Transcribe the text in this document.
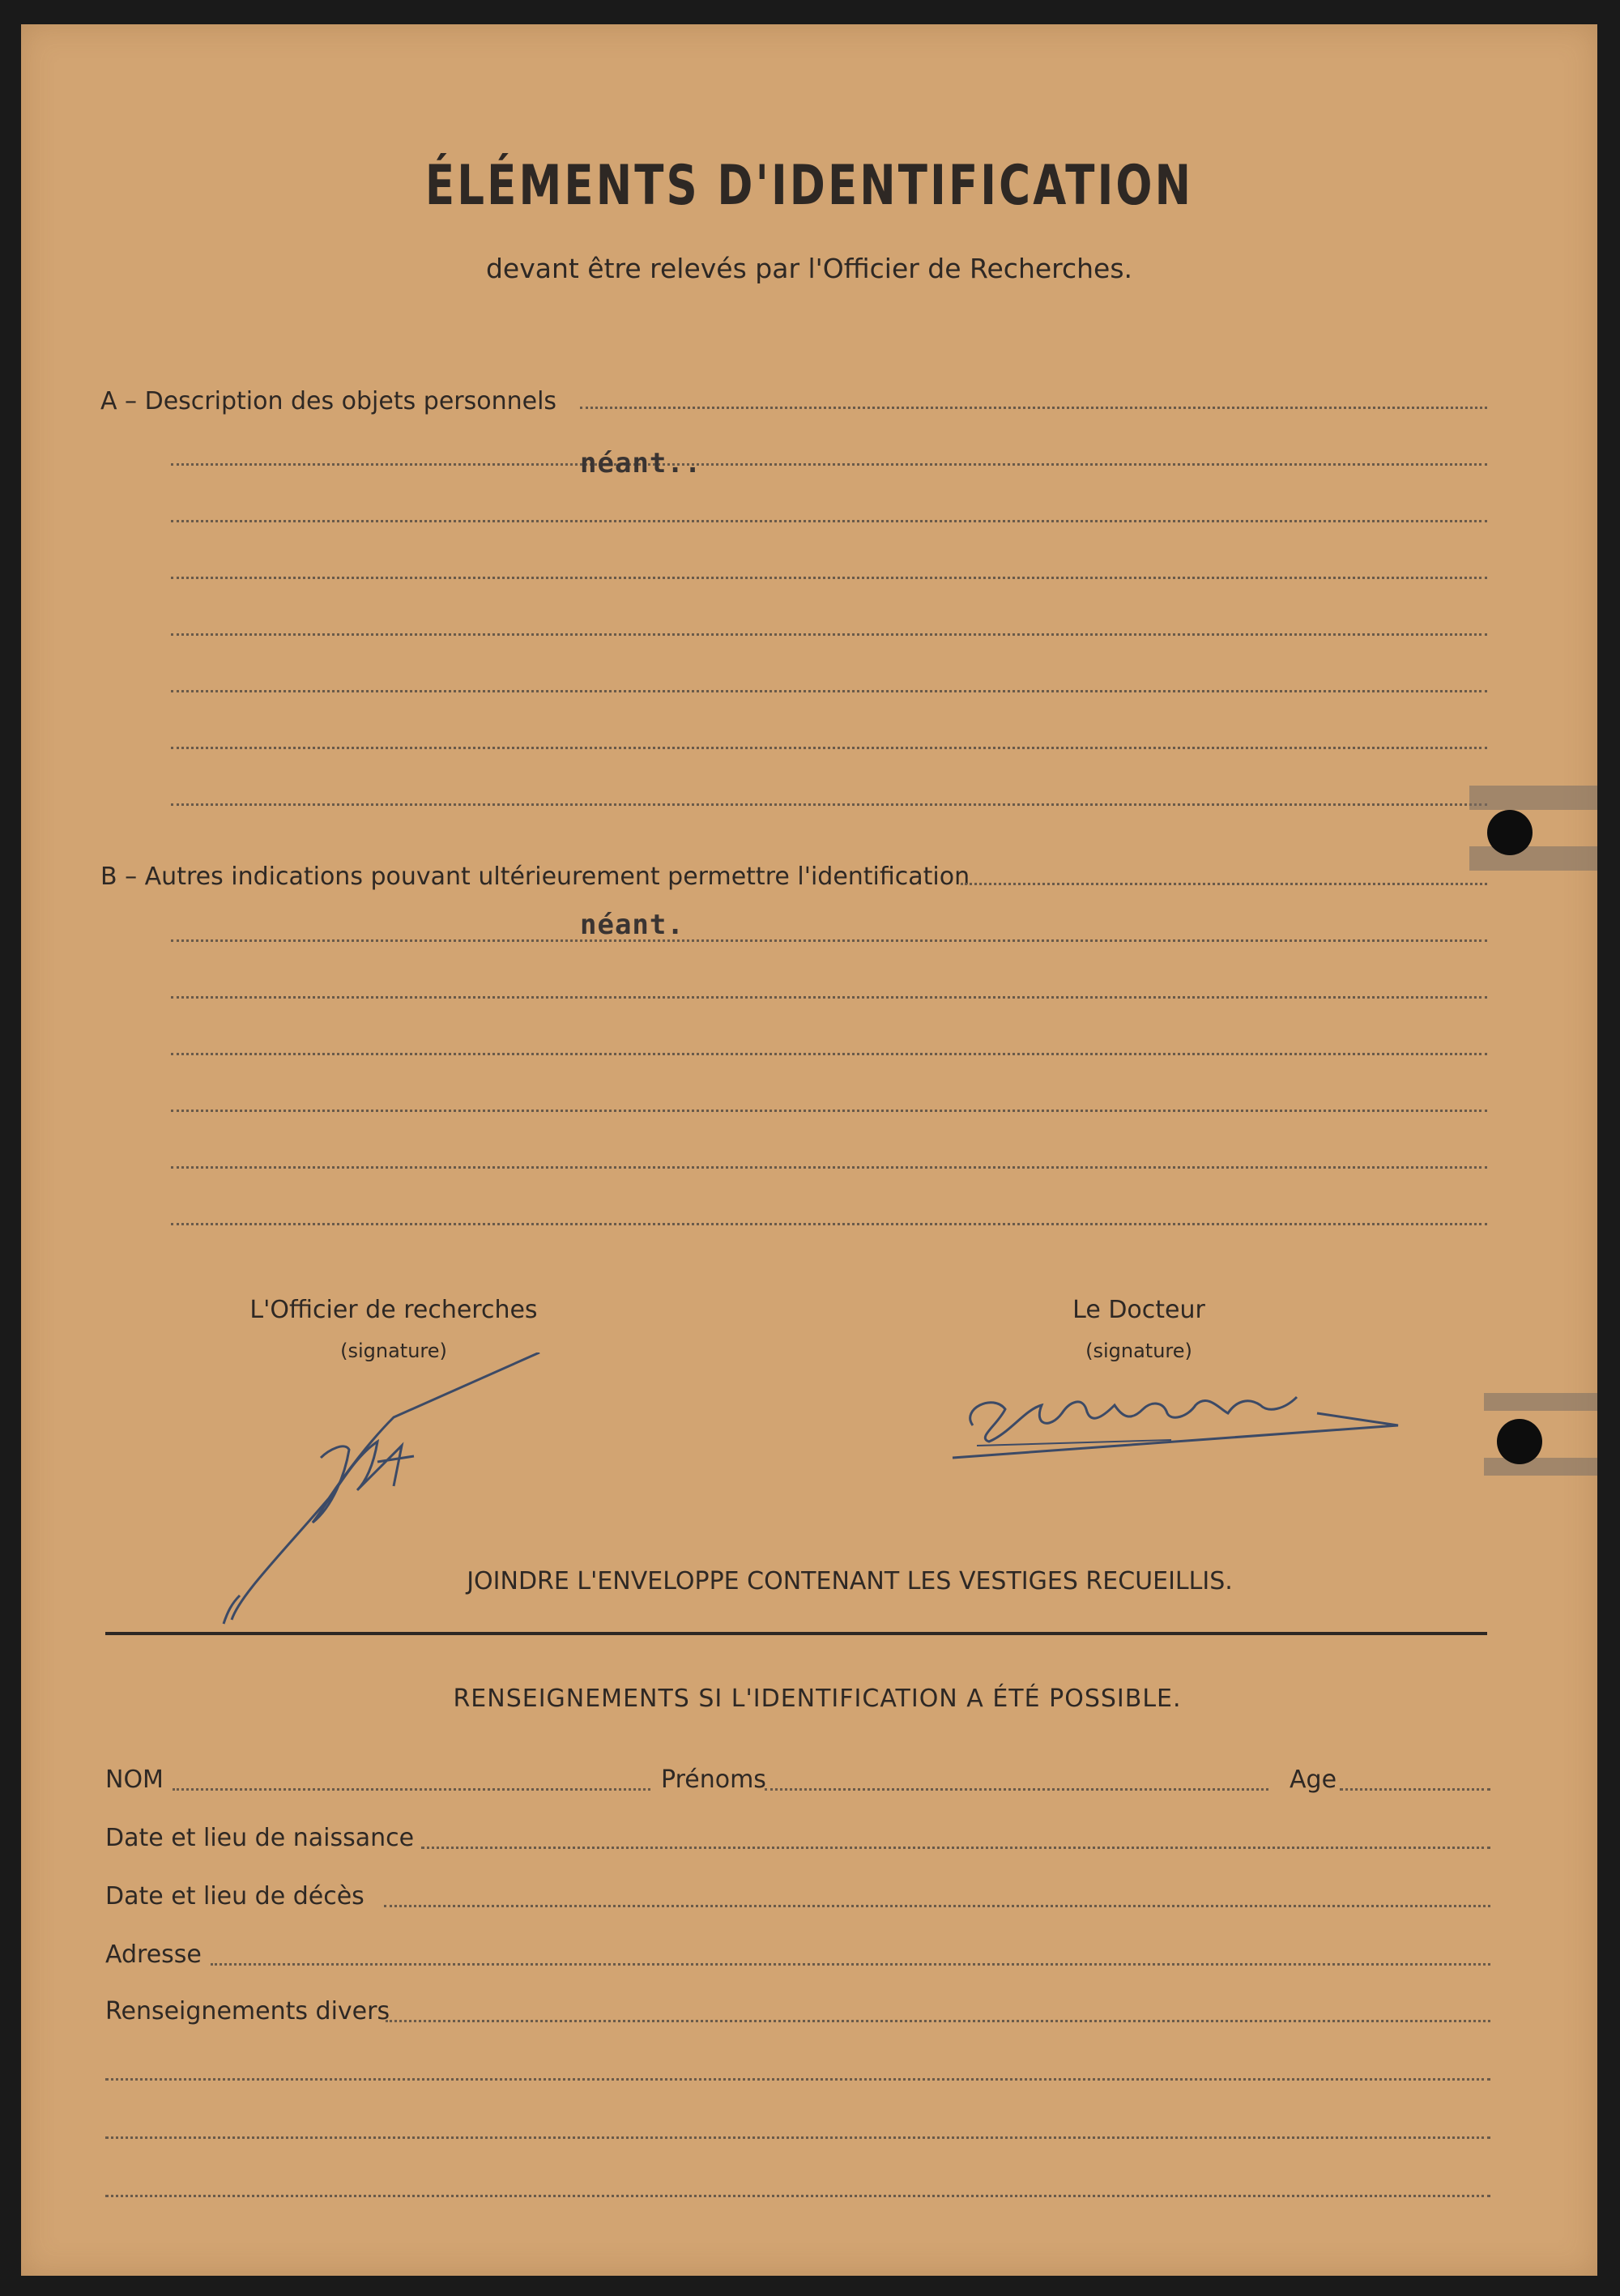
ÉLÉMENTS D'IDENTIFICATION
devant être relevés par l'Officier de Recherches.
A – Description des objets personnels
néant..
B – Autres indications pouvant ultérieurement permettre l'identification
néant.
L'Officier de recherches
(signature)
Le Docteur
(signature)
JOINDRE L'ENVELOPPE CONTENANT LES VESTIGES RECUEILLIS.
RENSEIGNEMENTS SI L'IDENTIFICATION A ÉTÉ POSSIBLE.
NOM	Prénoms	Age
Date et lieu de naissance
Date et lieu de décès
Adresse
Renseignements divers
